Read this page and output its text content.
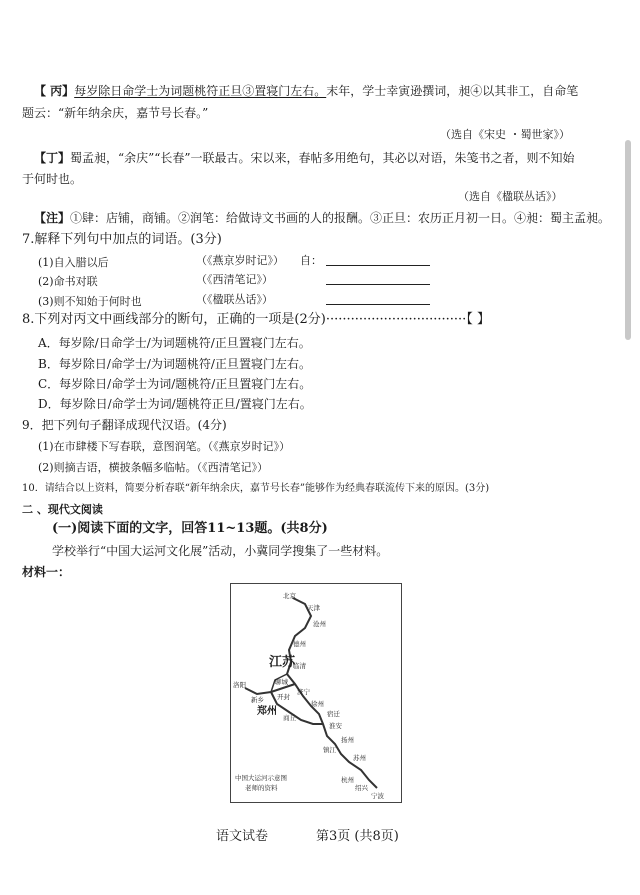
【 丙】每岁除日命学士为词题桃符正旦③置寝门左右。末年，学士幸寅逊撰词，昶④以其非工，自命笔
题云：“新年纳余庆，嘉节号长春。”
（选自《宋史 ・蜀世家》）
【丁】蜀孟昶，“余庆”“长春”一联最古。宋以来，春帖多用绝句，其必以对语，朱笺书之者，则不知始
于何时也。
（选自《楹联丛话》）
【注】①肆：店铺，商铺。②润笔：给做诗文书画的人的报酬。③正旦：农历正月初一日。④昶：蜀主孟昶。
7.解释下列句中加点的词语。(3分)
(1)自入腊以后	（《燕京岁时记》） 自：
(2)命书对联	（《西清笔记》）
(3)则不知始于何时也	（《楹联丛话》）
8.下列对丙文中画线部分的断句，正确的一项是(2分)··································【 】
A．每岁除/日命学士/为词题桃符/正旦置寝门左右。
B．每岁除日/命学士/为词题桃符/正旦置寝门左右。
C．每岁除日/命学士为词/题桃符/正旦置寝门左右。
D．每岁除日/命学士为词/题桃符正旦/置寝门左右。
9．把下列句子翻译成现代汉语。(4分)
(1)在市肆楼下写春联，意图润笔。（《燕京岁时记》）
(2)则摘吉语，横披条幅多临帖。（《西清笔记》）
10．请结合以上资料，简要分析春联“新年纳余庆，嘉节号长春”能够作为经典春联流传下来的原因。(3分)
二 、现代文阅读
(一)阅读下面的文字，回答11~13题。(共8分)
学校举行“中国大运河文化展”活动，小冀同学搜集了一些材料。
材料一：
北京
天津
沧州
德州
临清
聊城
济宁
洛阳
新乡 开封
郑州
商丘
徐州
宿迁
淮安
扬州
镇江
苏州
杭州
绍兴
宁波
江苏
中国大运河示意图
老师的资料
语文试卷	第3页 (共8页)
